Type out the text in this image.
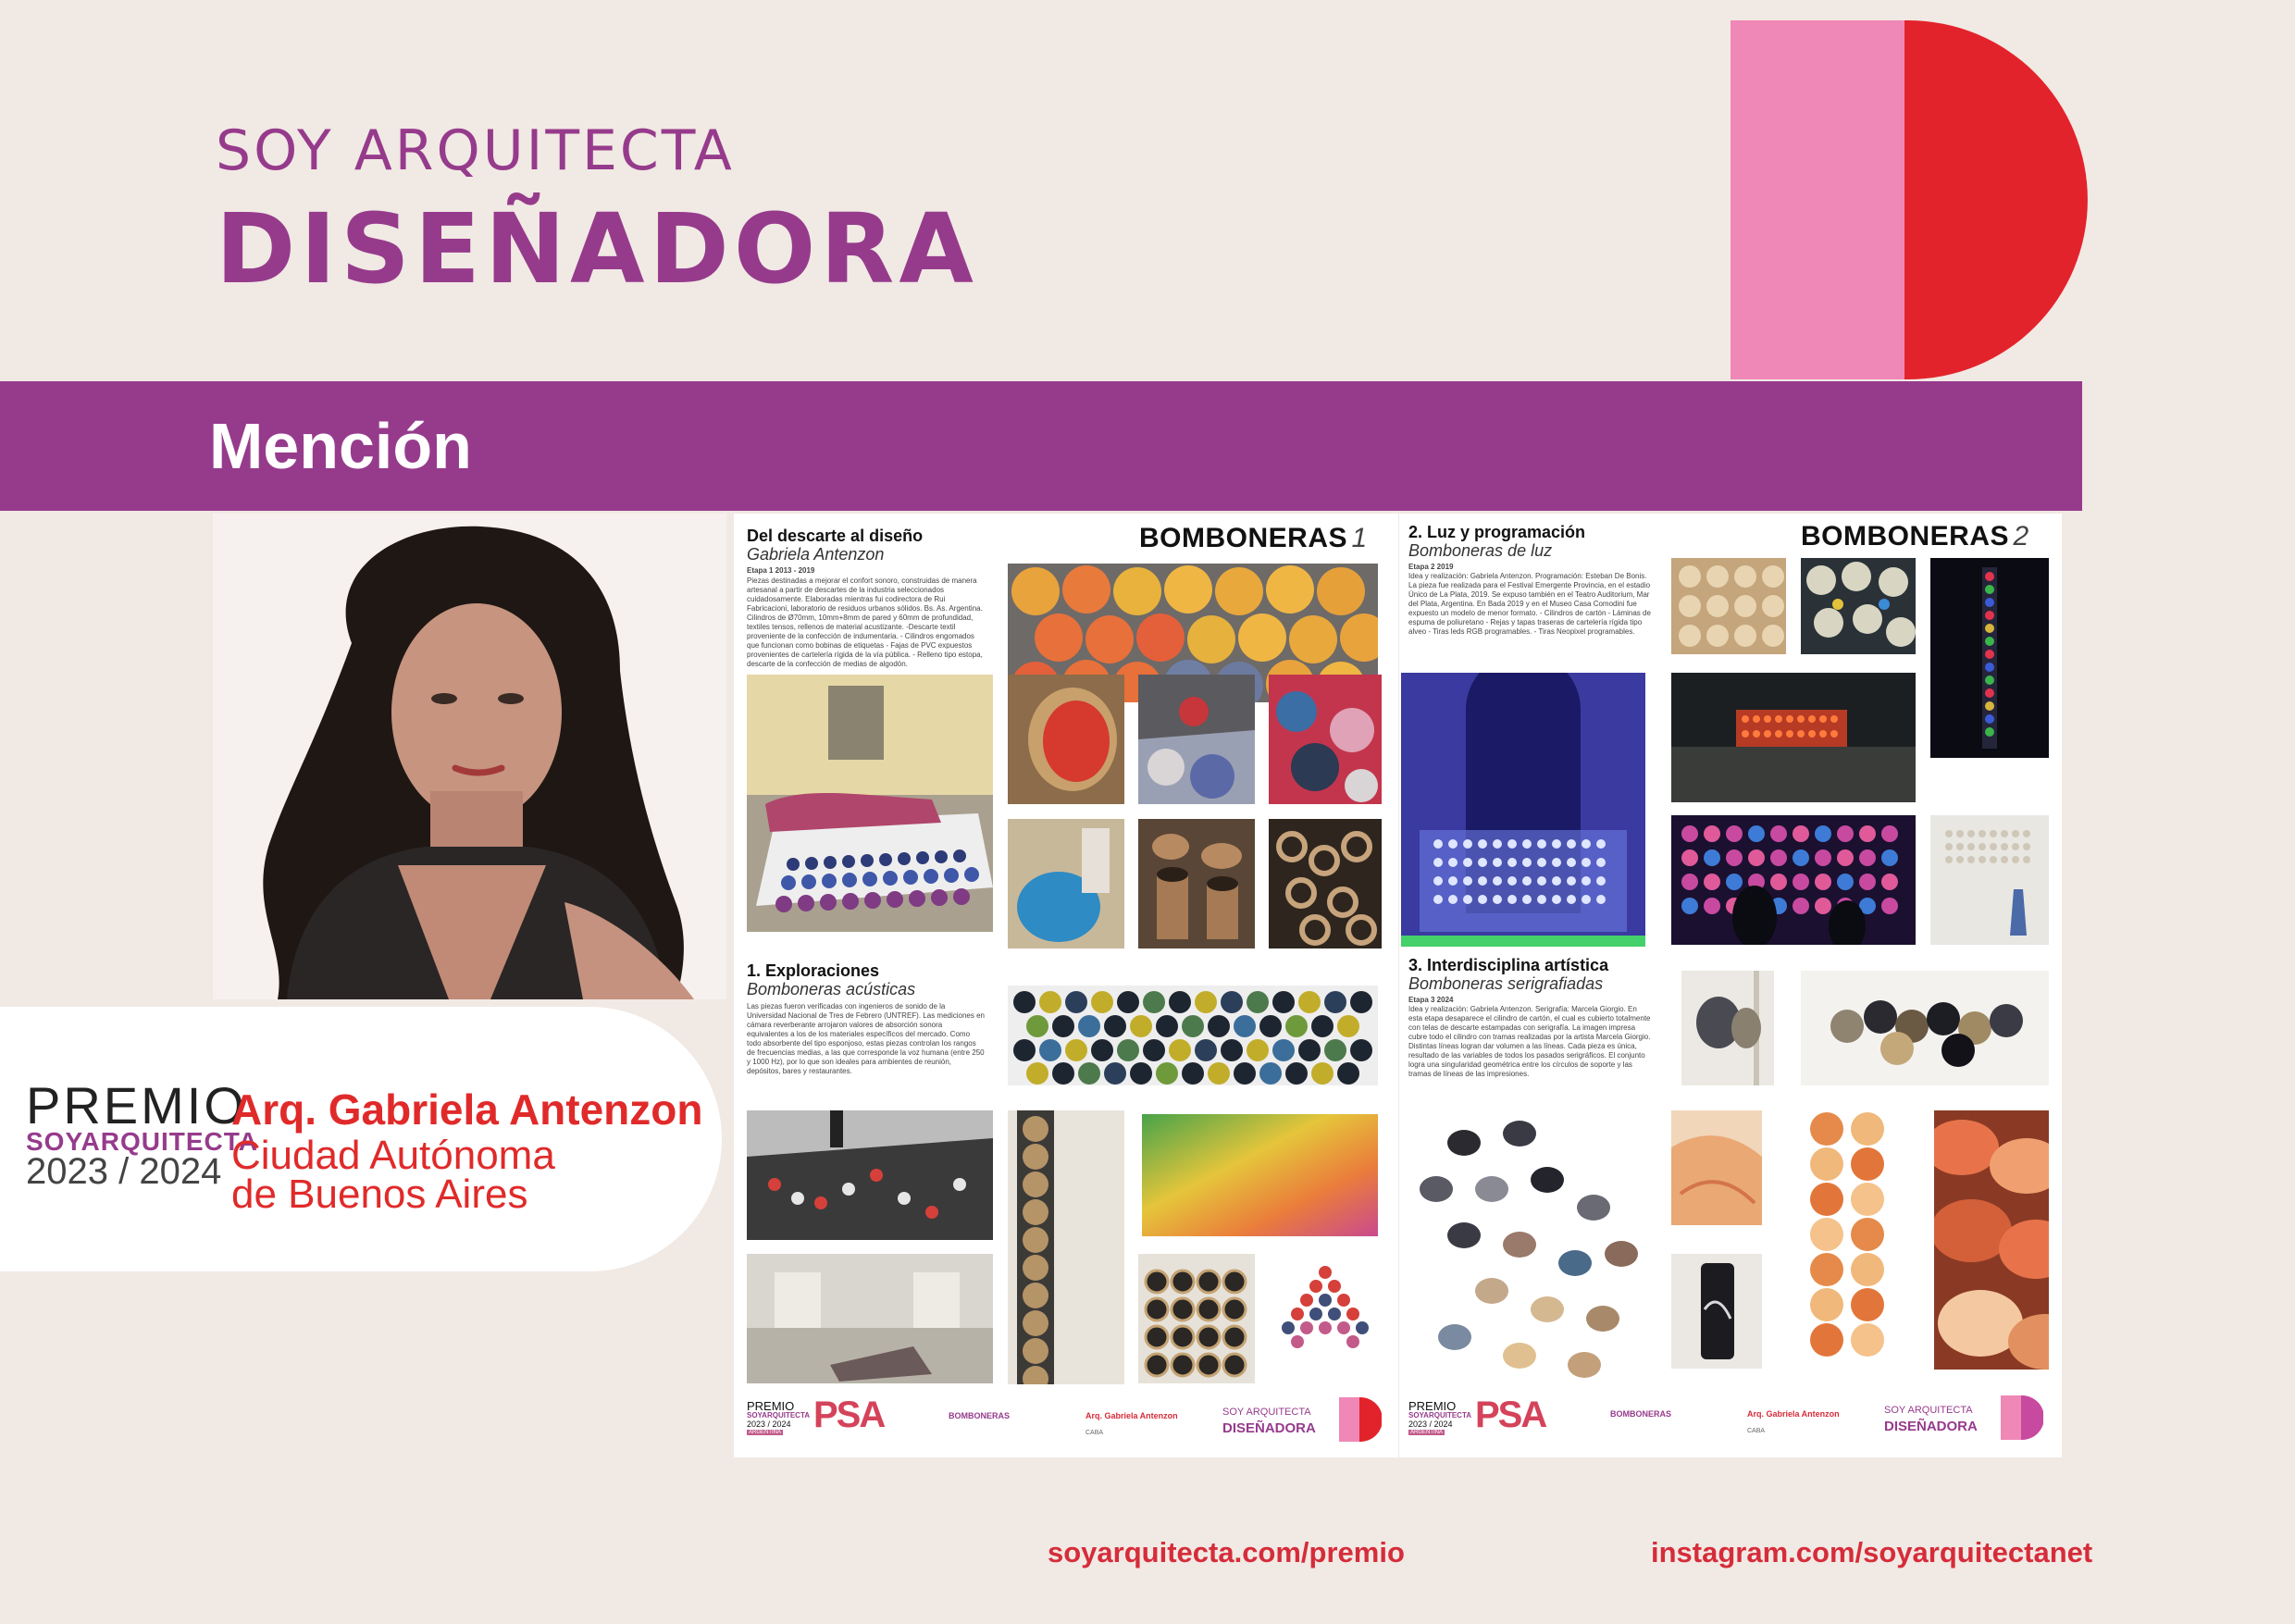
SOY ARQUITECTA
DISEÑADORA
Mención
PREMIO
SOYARQUITECTA
2023 / 2024
Arq. Gabriela Antenzon
Ciudad Autónoma
de Buenos Aires
Del descarte al diseño
Gabriela Antenzon
Etapa 1 2013 - 2019
Piezas destinadas a mejorar el confort sonoro, construidas de manera artesanal a partir de descartes de la industria seleccionados cuidadosamente. Elaboradas mientras fui codirectora de Rui Fabricacioni, laboratorio de residuos urbanos sólidos. Bs. As. Argentina. Cilindros de Ø70mm, 10mm+8mm de pared y 60mm de profundidad, textiles tensos, rellenos de material acustizante. -Descarte textil proveniente de la confección de indumentaria. - Cilindros engomados que funcionan como bobinas de etiquetas - Fajas de PVC expuestos provenientes de cartelería rígida de la vía pública. - Relleno tipo estopa, descarte de la confección de medias de algodón.
BOMBONERAS 1
1. Exploraciones
Bomboneras acústicas
Las piezas fueron verificadas con ingenieros de sonido de la Universidad Nacional de Tres de Febrero (UNTREF). Las mediciones en cámara reverberante arrojaron valores de absorción sonora equivalentes a los de los materiales específicos del mercado. Como todo absorbente del tipo esponjoso, estas piezas controlan los rangos de frecuencias medias, a las que corresponde la voz humana (entre 250 y 1000 Hz), por lo que son ideales para ambientes de reunión, depósitos, bares y restaurantes.
PREMIO
SOYARQUITECTA
2023 / 2024
ARGENTINA PSA	BOMBONERAS	Arq. Gabriela Antenzon
CABA
SOY ARQUITECTA
DISEÑADORA
2. Luz y programación
Bomboneras de luz
Etapa 2 2019
Idea y realización: Gabriela Antenzon. Programación: Esteban De Bonis. La pieza fue realizada para el Festival Emergente Provincia, en el estadio Único de La Plata, 2019. Se expuso también en el Teatro Auditorium, Mar del Plata, Argentina. En Bada 2019 y en el Museo Casa Comodini fue expuesto un modelo de menor formato. - Cilindros de cartón - Láminas de espuma de poliuretano - Rejas y tapas traseras de cartelería rígida tipo alveo - Tiras leds RGB programables. - Tiras Neopixel programables.
BOMBONERAS 2
3. Interdisciplina artística
Bomboneras serigrafiadas
Etapa 3 2024
Idea y realización: Gabriela Antenzon. Serigrafía: Marcela Giorgio. En esta etapa desaparece el cilindro de cartón, el cual es cubierto totalmente con telas de descarte estampadas con serigrafía. La imagen impresa cubre todo el cilindro con tramas realizadas por la artista Marcela Giorgio. Distintas líneas logran dar volumen a las líneas. Cada pieza es única, resultado de las variables de todos los pasados serigráficos. El conjunto logra una singularidad geométrica entre los círculos de soporte y las tramas de líneas de las impresiones.
PREMIO
SOYARQUITECTA
2023 / 2024
ARGENTINA PSA	BOMBONERAS	Arq. Gabriela Antenzon
CABA
SOY ARQUITECTA
DISEÑADORA
soyarquitecta.com/premio	instagram.com/soyarquitectanet
